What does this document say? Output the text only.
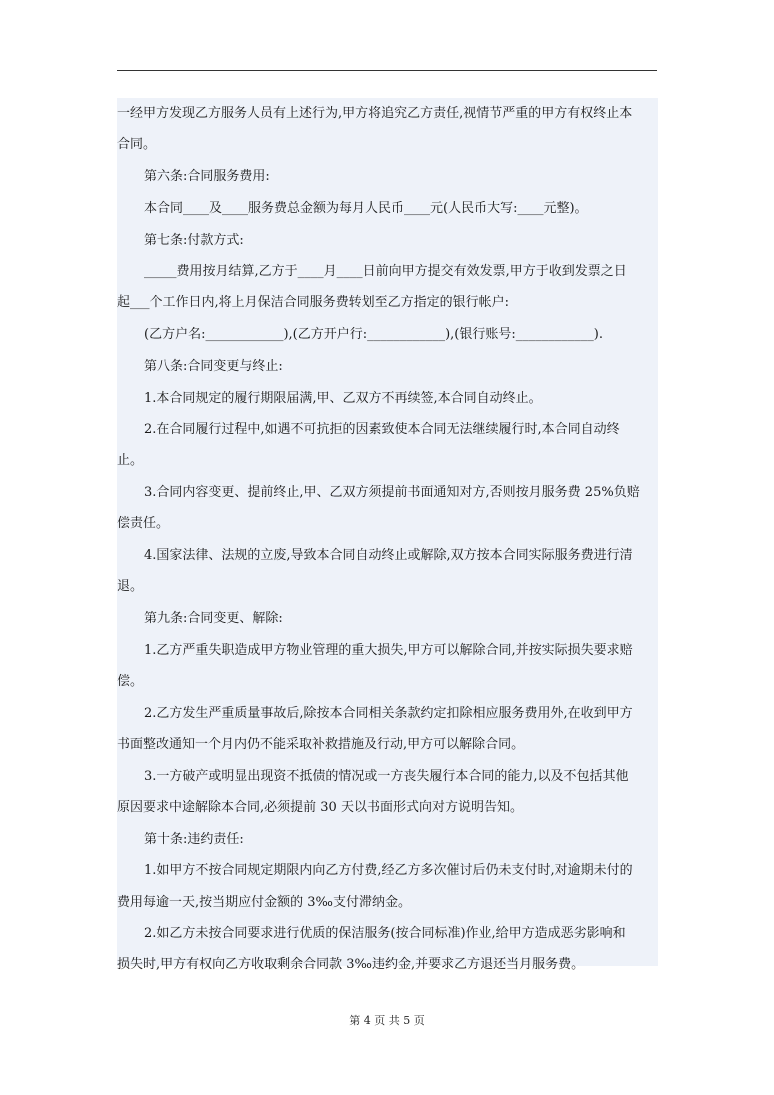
一经甲方发现乙方服务人员有上述行为,甲方将追究乙方责任,视情节严重的甲方有权终止本
合同。
第六条:合同服务费用:
本合同____及____服务费总金额为每月人民币____元(人民币大写:____元整)。
第七条:付款方式:
_____费用按月结算,乙方于____月____日前向甲方提交有效发票,甲方于收到发票之日
起___个工作日内,将上月保洁合同服务费转划至乙方指定的银行帐户:
(乙方户名:____________),(乙方开户行:____________),(银行账号:____________).
第八条:合同变更与终止:
1.本合同规定的履行期限届满,甲、乙双方不再续签,本合同自动终止。
2.在合同履行过程中,如遇不可抗拒的因素致使本合同无法继续履行时,本合同自动终
止。
3.合同内容变更、提前终止,甲、乙双方须提前书面通知对方,否则按月服务费 25%负赔
偿责任。
4.国家法律、法规的立废,导致本合同自动终止或解除,双方按本合同实际服务费进行清
退。
第九条:合同变更、解除:
1.乙方严重失职造成甲方物业管理的重大损失,甲方可以解除合同,并按实际损失要求赔
偿。
2.乙方发生严重质量事故后,除按本合同相关条款约定扣除相应服务费用外,在收到甲方
书面整改通知一个月内仍不能采取补救措施及行动,甲方可以解除合同。
3.一方破产或明显出现资不抵债的情况或一方丧失履行本合同的能力,以及不包括其他
原因要求中途解除本合同,必须提前 30 天以书面形式向对方说明告知。
第十条:违约责任:
1.如甲方不按合同规定期限内向乙方付费,经乙方多次催讨后仍未支付时,对逾期未付的
费用每逾一天,按当期应付金额的 3‰支付滞纳金。
2.如乙方未按合同要求进行优质的保洁服务(按合同标准)作业,给甲方造成恶劣影响和
损失时,甲方有权向乙方收取剩余合同款 3‰违约金,并要求乙方退还当月服务费。
第 4 页 共 5 页
